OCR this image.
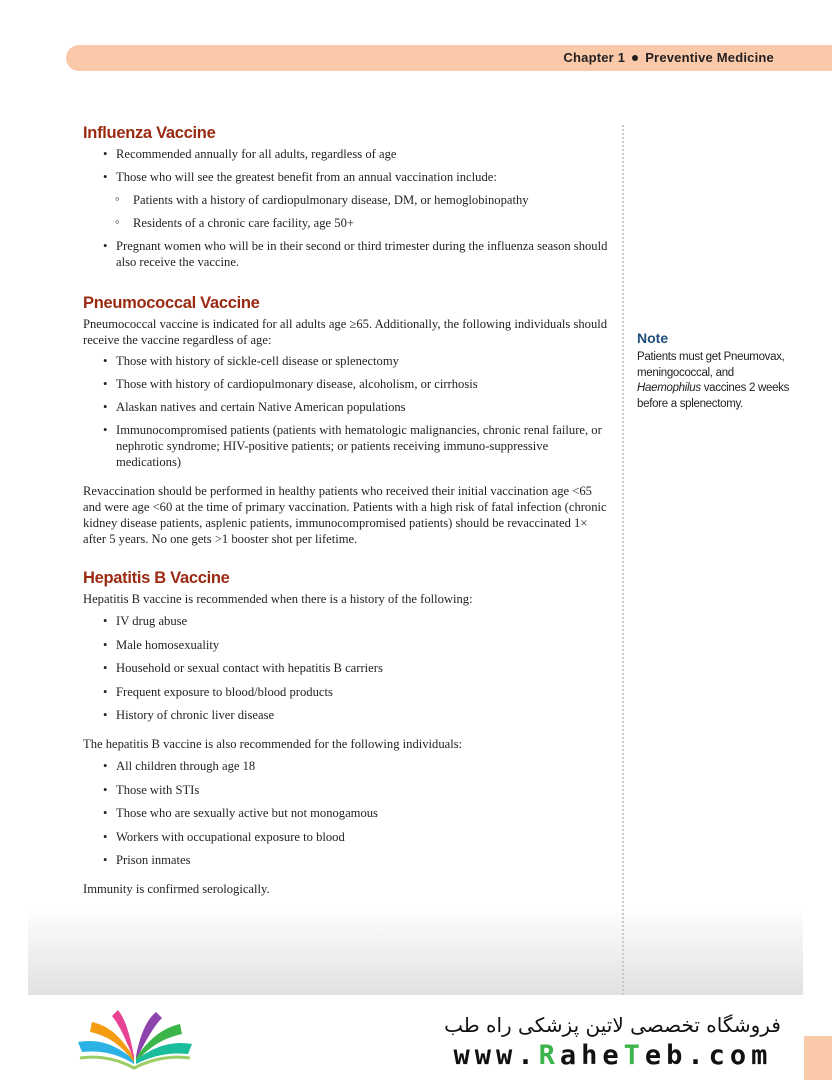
Chapter 1 Preventive Medicine
Influenza Vaccine
• Recommended annually for all adults, regardless of age
• Those who will see the greatest benefit from an annual vaccination include:
◦ Patients with a history of cardiopulmonary disease, DM, or hemoglobinopathy
◦ Residents of a chronic care facility, age 50+
• Pregnant women who will be in their second or third trimester during the influenza season should also receive the vaccine.
Pneumococcal Vaccine

Pneumococcal vaccine is indicated for all adults age ≥65. Additionally, the following individuals should receive the vaccine regardless of age:

• Those with history of sickle-cell disease or splenectomy
• Those with history of cardiopulmonary disease, alcoholism, or cirrhosis
• Alaskan natives and certain Native American populations
• Immunocompromised patients (patients with hematologic malignancies, chronic renal failure, or nephrotic syndrome; HIV-positive patients; or patients receiving immuno-suppressive medications)

Revaccination should be performed in healthy patients who received their initial vaccination age <65 and were age <60 at the time of primary vaccination. Patients with a high risk of fatal infection (chronic kidney disease patients, asplenic patients, immunocompromised patients) should be revaccinated 1× after 5 years. No one gets >1 booster shot per lifetime.

Hepatitis B Vaccine

Hepatitis B vaccine is recommended when there is a history of the following:

• IV drug abuse
• Male homosexuality
• Household or sexual contact with hepatitis B carriers
• Frequent exposure to blood/blood products
• History of chronic liver disease

The hepatitis B vaccine is also recommended for the following individuals:

• All children through age 18
• Those with STIs
• Those who are sexually active but not monogamous
• Workers with occupational exposure to blood
• Prison inmates

Immunity is confirmed serologically.

Note

Patients must get Pneumovax, meningococcal, and Haemophilus vaccines 2 weeks before a splenectomy.

فروشگاه تخصصی لاتین پزشکی راه طب
www.RaheTeb.com
